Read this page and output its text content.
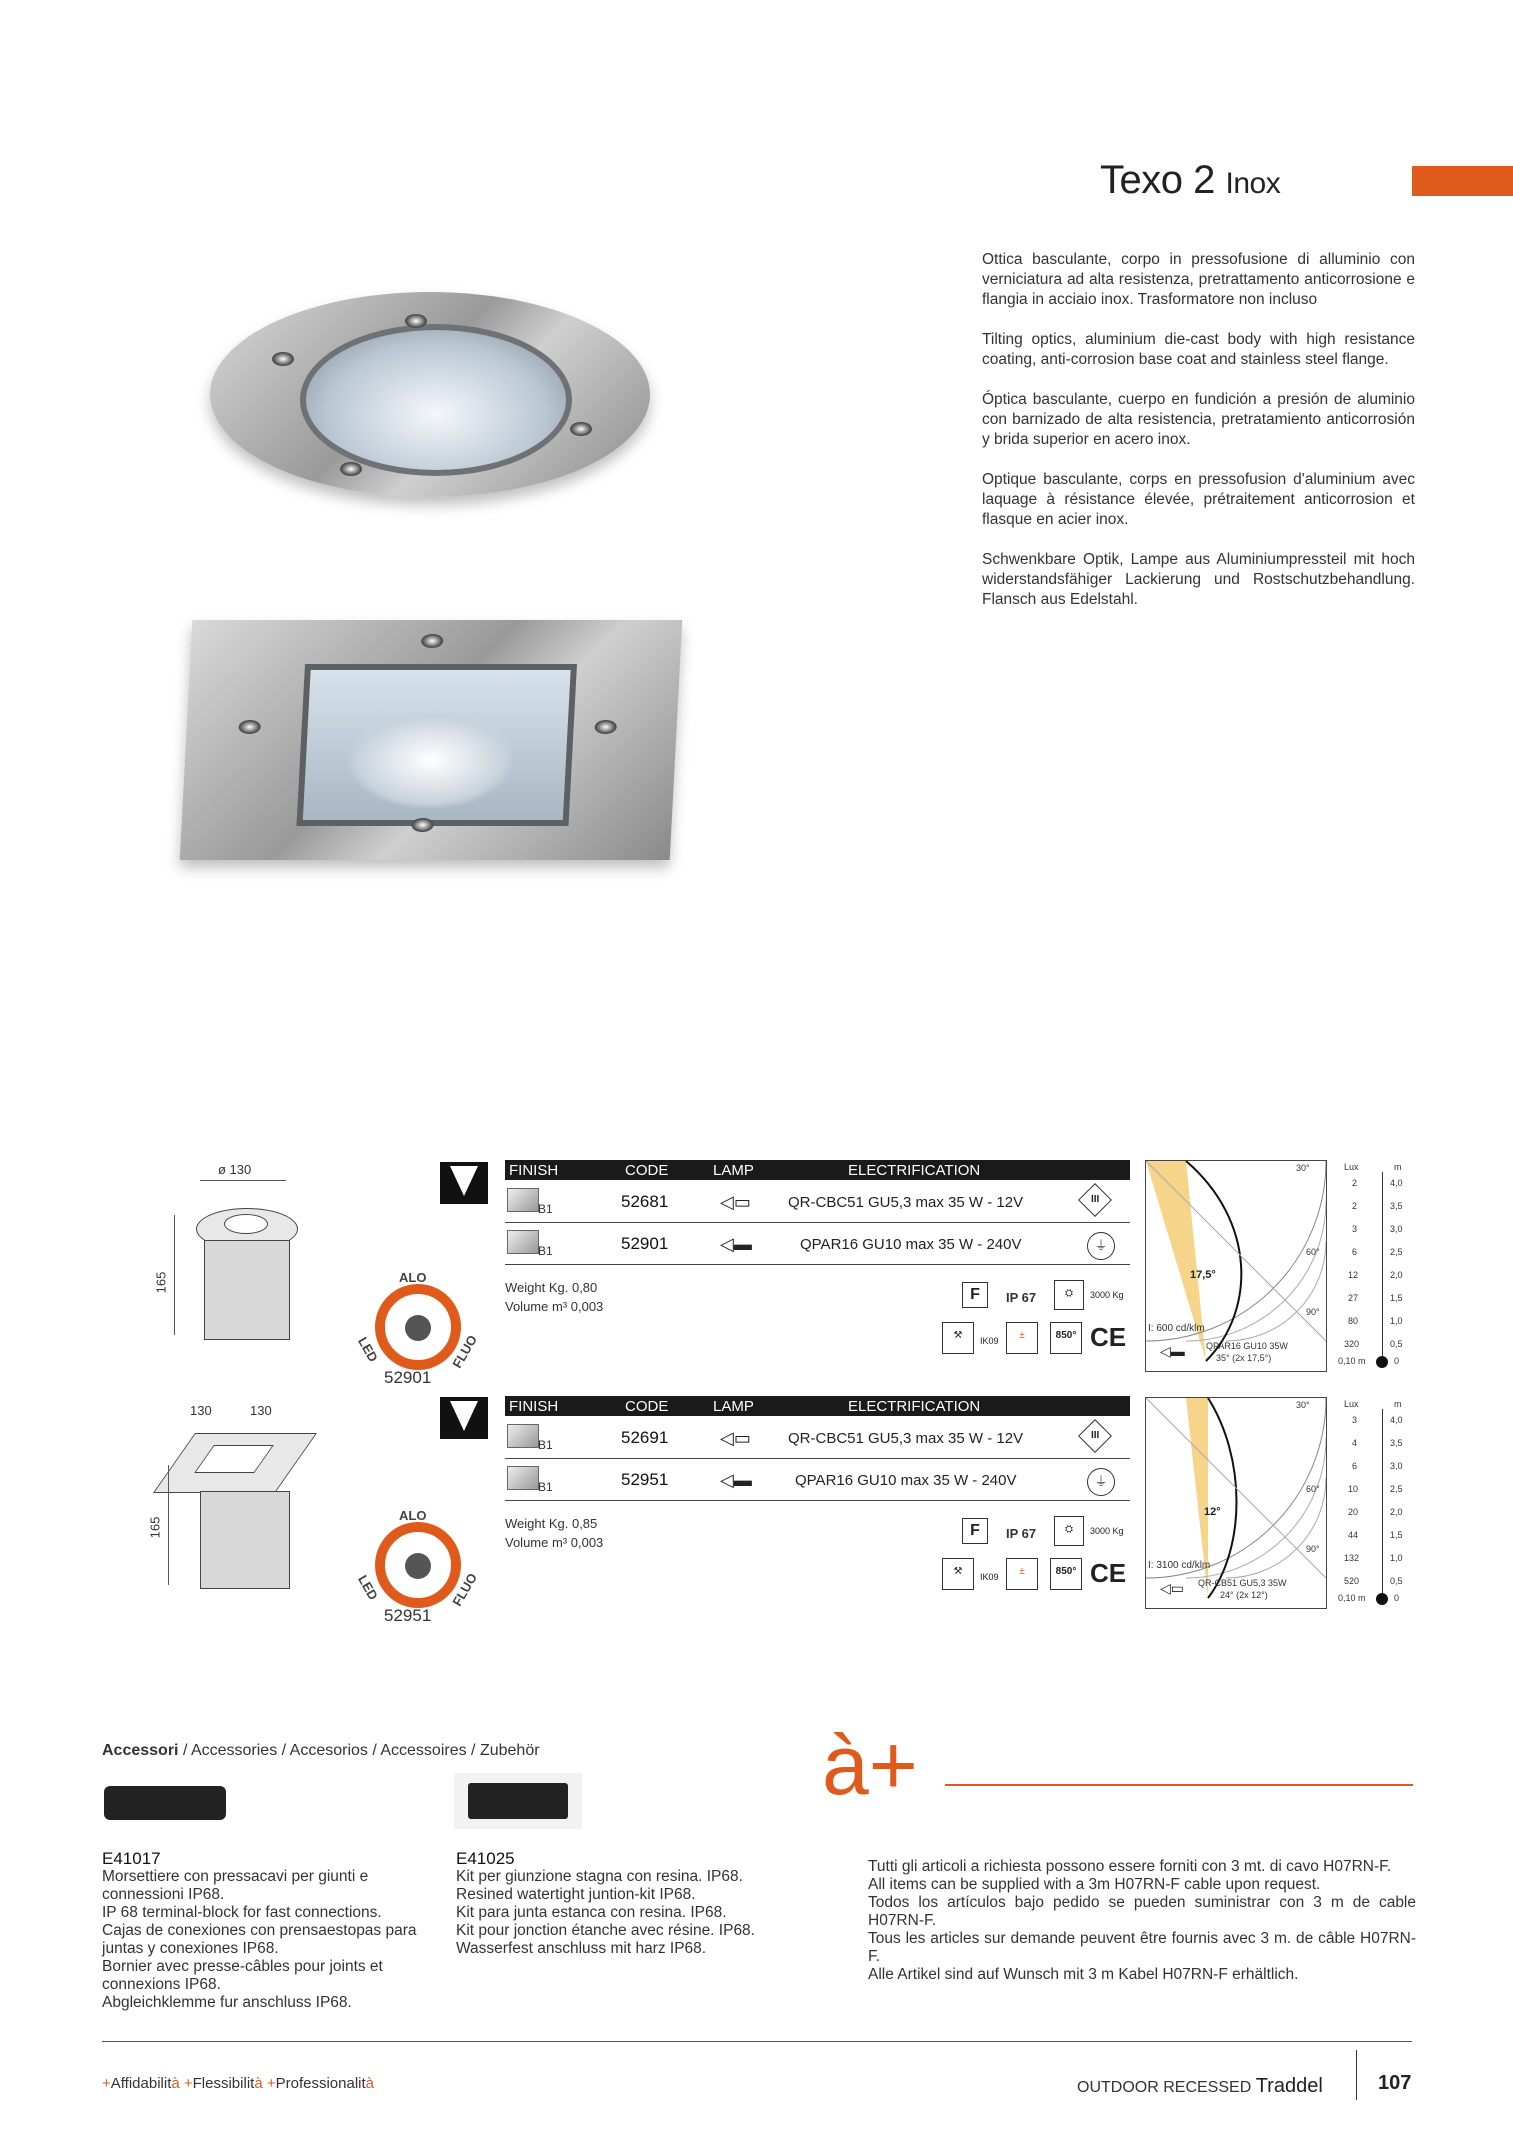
Texo 2 Inox

Ottica basculante, corpo in pressofusione di alluminio con verniciatura ad alta resistenza, pretrattamento anticorrosione e flangia in acciaio inox. Trasformatore non incluso

Tilting optics, aluminium die-cast body with high resistance coating, anti-corrosion base coat and stainless steel flange.

Óptica basculante, cuerpo en fundición a presión de aluminio con barnizado de alta resistencia, pretratamiento anticorrosión y brida superior en acero inox.

Optique basculante, corps en pressofusion d'aluminium avec laquage à résistance élevée, prétraitement anticorrosion et flasque en acier inox.

Schwenkbare Optik, Lampe aus Aluminiumpressteil mit hoch widerstandsfähiger Lackierung und Rostschutzbehandlung. Flansch aus Edelstahl.

ø 130
165	ALO
LED	FLUO
52901
FINISH	CODE	LAMP	ELECTRIFICATION
B1	52681	◁▭ QR-CBC51 GU5,3 max 35 W - 12V	III
B1	52901	◁▬	QPAR16 GU10 max 35 W - 240V	⏚
Weight Kg. 0,80
Volume m³ 0,003
F	IP 67	⛭	3000 Kg
⚒	IK09	±	850° CE
30°
60°
90°
17,5°
I: 600 cd/klm
◁▬ QPAR16 GU10 35W
35° (2x 17,5°)
Lux	m
2
2
3
6
12
27
80
320
4,0
3,5
3,0
2,5
2,0
1,5
1,0
0,5
0,10 m	0
130	130
165
ALO
LED	FLUO
52951
FINISH	CODE	LAMP	ELECTRIFICATION
B1	52691	◁▭ QR-CBC51 GU5,3 max 35 W - 12V	III
B1	52951	◁▬	QPAR16 GU10 max 35 W - 240V	⏚
Weight Kg. 0,85
Volume m³ 0,003
F	IP 67	⛭	3000 Kg
⚒	IK09	±	850° CE
30°
60°
90°
12°
I: 3100 cd/klm
◁▭ QR-CB51 GU5,3 35W
24° (2x 12°)
Lux	m
3
4
6
10
20
44
132
520
4,0
3,5
3,0
2,5
2,0
1,5
1,0
0,5
0,10 m	0
Accessori / Accessories / Accesorios / Accessoires / Zubehör
E41017
Morsettiere con pressacavi per giunti e connessioni IP68.
IP 68 terminal-block for fast connections.
Cajas de conexiones con prensaestopas para juntas y conexiones IP68.
Bornier avec presse-câbles pour joints et connexions IP68.
Abgleichklemme fur anschluss IP68.
E41025
Kit per giunzione stagna con resina. IP68.
Resined watertight juntion-kit IP68.
Kit para junta estanca con resina. IP68.
Kit pour jonction étanche avec résine. IP68.
Wasserfest anschluss mit harz IP68.
à+
Tutti gli articoli a richiesta possono essere forniti con 3 mt. di cavo H07RN-F.
All items can be supplied with a 3m H07RN-F cable upon request.
Todos los artículos bajo pedido se pueden suministrar con 3 m de cable H07RN-F.
Tous les articles sur demande peuvent être fournis avec 3 m. de câble H07RN-F.
Alle Artikel sind auf Wunsch mit 3 m Kabel H07RN-F erhältlich.
+Affidabilità +Flessibilità +Professionalità	OUTDOOR RECESSED Traddel	107
